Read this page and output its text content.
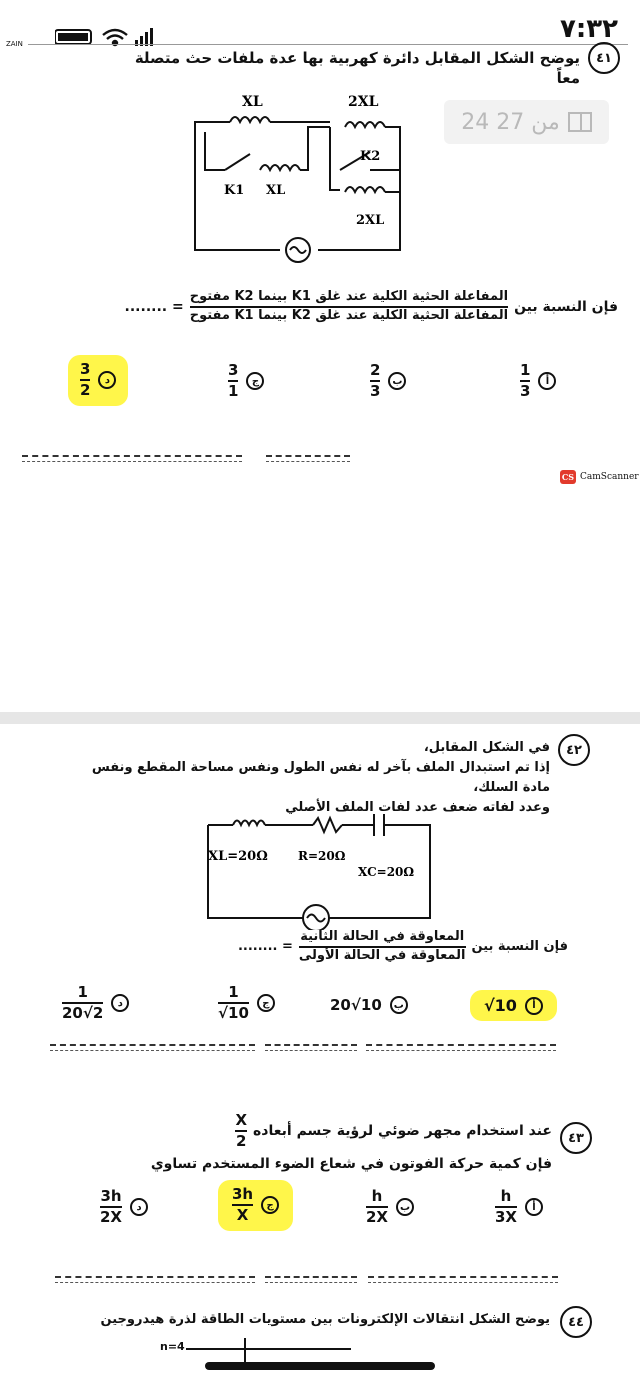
ZAIN	٧:٣٢
24 من 27
٤١
يوضح الشكل المقابل دائرة كهربية بها عدة ملفات حث متصلة معاً
XL	2XL
K1 XL
K2
2XL
فإن النسبة بين
$\frac{\text{المفاعلة الحثية الكلية عند غلق K1 بينما K2 مفتوح}}{\text{المفاعلة الحثية الكلية عند غلق K2 بينما K1 مفتوح}}$
= ........
$\frac{1}{3}$	أ
$\frac{2}{3}$	ب
$\frac{3}{1}$	ج
$\frac{3}{2}$	د
CS CamScanner
٤٢
في الشكل المقابل،
إذا تم استبدال الملف بآخر له نفس الطول ونفس مساحة المقطع ونفس مادة السلك،
وعدد لفاته ضعف عدد لفات الملف الأصلي
XL=20Ω	R=20Ω
XC=20Ω
فإن النسبة بين
$\frac{\text{المعاوقة في الحالة الثانية}}{\text{المعاوقة في الحالة الأولى}}$
= ........
√10	أ
20√10	ب
$\frac{1}{√10}$	ج
$\frac{1}{20√2}$	د
٤٣
عند استخدام مجهر ضوئي لرؤية جسم أبعاده
$\frac{X}{2}$
فإن كمية حركة الفوتون في شعاع الضوء المستخدم تساوي
$\frac{h}{3X}$	أ
$\frac{h}{2X}$	ب
$\frac{3h}{X}$	ج
$\frac{3h}{2X}$	د
٤٤
يوضح الشكل انتقالات الإلكترونات بين مستويات الطاقة لذرة هيدروجين
n=4
